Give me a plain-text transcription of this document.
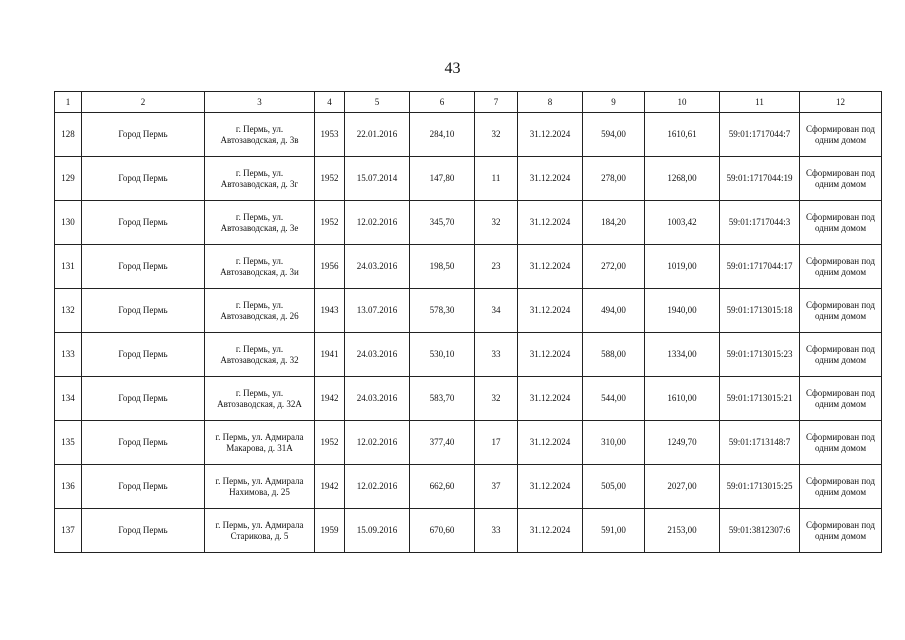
43
1	2	3	4	5	6	7	8	9	10	11	12
128	Город Пермь	г. Пермь, ул. Автозаводская, д. 3в	1953	22.01.2016	284,10	32	31.12.2024	594,00	1610,61	59:01:1717044:7	Сформирован под одним домом
129	Город Пермь	г. Пермь, ул. Автозаводская, д. 3г	1952	15.07.2014	147,80	11	31.12.2024	278,00	1268,00	59:01:1717044:19	Сформирован под одним домом
130	Город Пермь	г. Пермь, ул. Автозаводская, д. 3е	1952	12.02.2016	345,70	32	31.12.2024	184,20	1003,42	59:01:1717044:3	Сформирован под одним домом
131	Город Пермь	г. Пермь, ул. Автозаводская, д. 3и	1956	24.03.2016	198,50	23	31.12.2024	272,00	1019,00	59:01:1717044:17	Сформирован под одним домом
132	Город Пермь	г. Пермь, ул. Автозаводская, д. 26	1943	13.07.2016	578,30	34	31.12.2024	494,00	1940,00	59:01:1713015:18	Сформирован под одним домом
133	Город Пермь	г. Пермь, ул. Автозаводская, д. 32	1941	24.03.2016	530,10	33	31.12.2024	588,00	1334,00	59:01:1713015:23	Сформирован под одним домом
134	Город Пермь	г. Пермь, ул. Автозаводская, д. 32А	1942	24.03.2016	583,70	32	31.12.2024	544,00	1610,00	59:01:1713015:21	Сформирован под одним домом
135	Город Пермь	г. Пермь, ул. Адмирала Макарова, д. 31А	1952	12.02.2016	377,40	17	31.12.2024	310,00	1249,70	59:01:1713148:7	Сформирован под одним домом
136	Город Пермь	г. Пермь, ул. Адмирала Нахимова, д. 25	1942	12.02.2016	662,60	37	31.12.2024	505,00	2027,00	59:01:1713015:25	Сформирован под одним домом
137	Город Пермь	г. Пермь, ул. Адмирала Старикова, д. 5	1959	15.09.2016	670,60	33	31.12.2024	591,00	2153,00	59:01:3812307:6	Сформирован под одним домом
